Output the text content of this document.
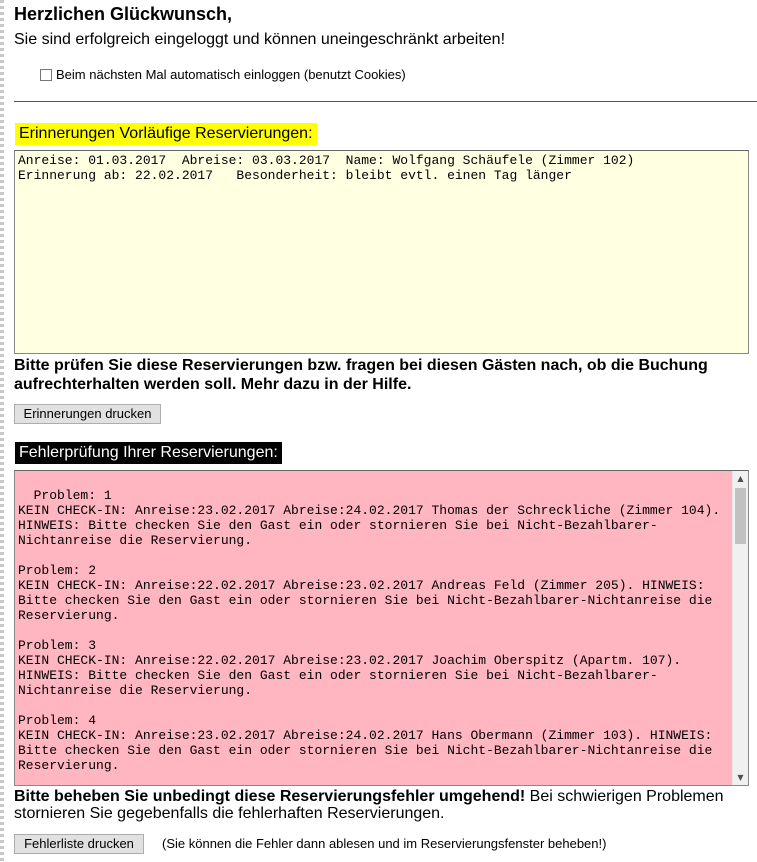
Herzlichen Glückwunsch,
Sie sind erfolgreich eingeloggt und können uneingeschränkt arbeiten!
Beim nächsten Mal automatisch einloggen (benutzt Cookies)
Erinnerungen Vorläufige Reservierungen:
Anreise: 01.03.2017  Abreise: 03.03.2017  Name: Wolfgang Schäufele (Zimmer 102)
Erinnerung ab: 22.02.2017   Besonderheit: bleibt evtl. einen Tag länger
Bitte prüfen Sie diese Reservierungen bzw. fragen bei diesen Gästen nach, ob die Buchung aufrechterhalten werden soll. Mehr dazu in der Hilfe.
Erinnerungen drucken
Fehlerprüfung Ihrer Reservierungen:

Problem: 1
KEIN CHECK-IN: Anreise:23.02.2017 Abreise:24.02.2017 Thomas der Schreckliche (Zimmer 104). HINWEIS: Bitte checken Sie den Gast ein oder stornieren Sie bei Nicht-Bezahlbarer-Nichtanreise die Reservierung.

Problem: 2
KEIN CHECK-IN: Anreise:22.02.2017 Abreise:23.02.2017 Andreas Feld (Zimmer 205). HINWEIS: Bitte checken Sie den Gast ein oder stornieren Sie bei Nicht-Bezahlbarer-Nichtanreise die Reservierung.

Problem: 3
KEIN CHECK-IN: Anreise:22.02.2017 Abreise:23.02.2017 Joachim Oberspitz (Apartm. 107). HINWEIS: Bitte checken Sie den Gast ein oder stornieren Sie bei Nicht-Bezahlbarer-Nichtanreise die Reservierung.

Problem: 4
KEIN CHECK-IN: Anreise:23.02.2017 Abreise:24.02.2017 Hans Obermann (Zimmer 103). HINWEIS: Bitte checken Sie den Gast ein oder stornieren Sie bei Nicht-Bezahlbarer-Nichtanreise die Reservierung.

▲

▼

Bitte beheben Sie unbedingt diese Reservierungsfehler umgehend! Bei schwierigen Problemen stornieren Sie gegebenfalls die fehlerhaften Reservierungen.
Fehlerliste drucken	(Sie können die Fehler dann ablesen und im Reservierungsfenster beheben!)
